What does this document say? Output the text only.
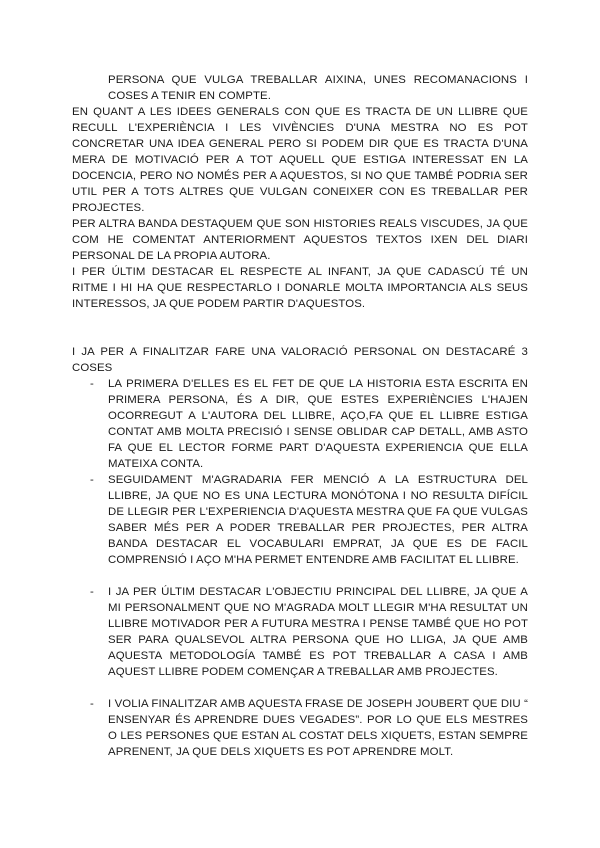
PERSONA QUE VULGA TREBALLAR AIXINA, UNES RECOMANACIONS I COSES A TENIR EN COMPTE.

EN QUANT A LES IDEES GENERALS CON QUE ES TRACTA DE UN LLIBRE QUE RECULL L'EXPERIÈNCIA I LES VIVÈNCIES D'UNA MESTRA NO ES POT CONCRETAR UNA IDEA GENERAL PERO SI PODEM DIR QUE ES TRACTA D'UNA MERA DE MOTIVACIÓ PER A TOT AQUELL QUE ESTIGA INTERESSAT EN LA DOCENCIA, PERO NO NOMÉS PER A AQUESTOS, SI NO QUE TAMBÉ PODRIA SER UTIL PER A TOTS ALTRES QUE VULGAN CONEIXER CON ES TREBALLAR PER PROJECTES.

PER ALTRA BANDA DESTAQUEM QUE SON HISTORIES REALS VISCUDES, JA QUE COM HE COMENTAT ANTERIORMENT AQUESTOS TEXTOS IXEN DEL DIARI PERSONAL DE LA PROPIA AUTORA.

I PER ÚLTIM DESTACAR EL RESPECTE AL INFANT, JA QUE CADASCÚ TÉ UN RITME I HI HA QUE RESPECTARLO I DONARLE MOLTA IMPORTANCIA ALS SEUS INTERESSOS, JA QUE PODEM PARTIR D'AQUESTOS.

I JA PER A FINALITZAR FARE UNA VALORACIÓ PERSONAL ON DESTACARÉ 3 COSES

-	LA PRIMERA D'ELLES ES EL FET DE QUE LA HISTORIA ESTA ESCRITA EN PRIMERA PERSONA, ÉS A DIR, QUE ESTES EXPERIÈNCIES L'HAJEN OCORREGUT A L'AUTORA DEL LLIBRE, AÇO,FA QUE EL LLIBRE ESTIGA CONTAT AMB MOLTA PRECISIÓ I SENSE OBLIDAR CAP DETALL, AMB ASTO FA QUE EL LECTOR FORME PART D'AQUESTA EXPERIENCIA QUE ELLA MATEIXA CONTA.

-	SEGUIDAMENT M'AGRADARIA FER MENCIÓ A LA ESTRUCTURA DEL LLIBRE, JA QUE NO ES UNA LECTURA MONÓTONA I NO RESULTA DIFÍCIL DE LLEGIR PER L'EXPERIENCIA D'AQUESTA MESTRA QUE FA QUE VULGAS SABER MÉS PER A PODER TREBALLAR PER PROJECTES, PER ALTRA BANDA DESTACAR EL VOCABULARI EMPRAT, JA QUE ES DE FACIL COMPRENSIÓ I AÇO M'HA PERMET ENTENDRE AMB FACILITAT EL LLIBRE.

-	I JA PER ÚLTIM DESTACAR L'OBJECTIU PRINCIPAL DEL LLIBRE, JA QUE A MI PERSONALMENT QUE NO M'AGRADA MOLT LLEGIR M'HA RESULTAT UN LLIBRE MOTIVADOR PER A FUTURA MESTRA I PENSE TAMBÉ QUE HO POT SER PARA QUALSEVOL ALTRA PERSONA QUE HO LLIGA, JA QUE AMB AQUESTA METODOLOGÍA TAMBÉ ES POT TREBALLAR A CASA I AMB AQUEST LLIBRE PODEM COMENÇAR A TREBALLAR AMB PROJECTES.

-	I VOLIA FINALITZAR AMB AQUESTA FRASE DE JOSEPH JOUBERT QUE DIU “ ENSENYAR ÉS APRENDRE DUES VEGADES”. POR LO QUE ELS MESTRES O LES PERSONES QUE ESTAN AL COSTAT DELS XIQUETS, ESTAN SEMPRE APRENENT, JA QUE DELS XIQUETS ES POT APRENDRE MOLT.
